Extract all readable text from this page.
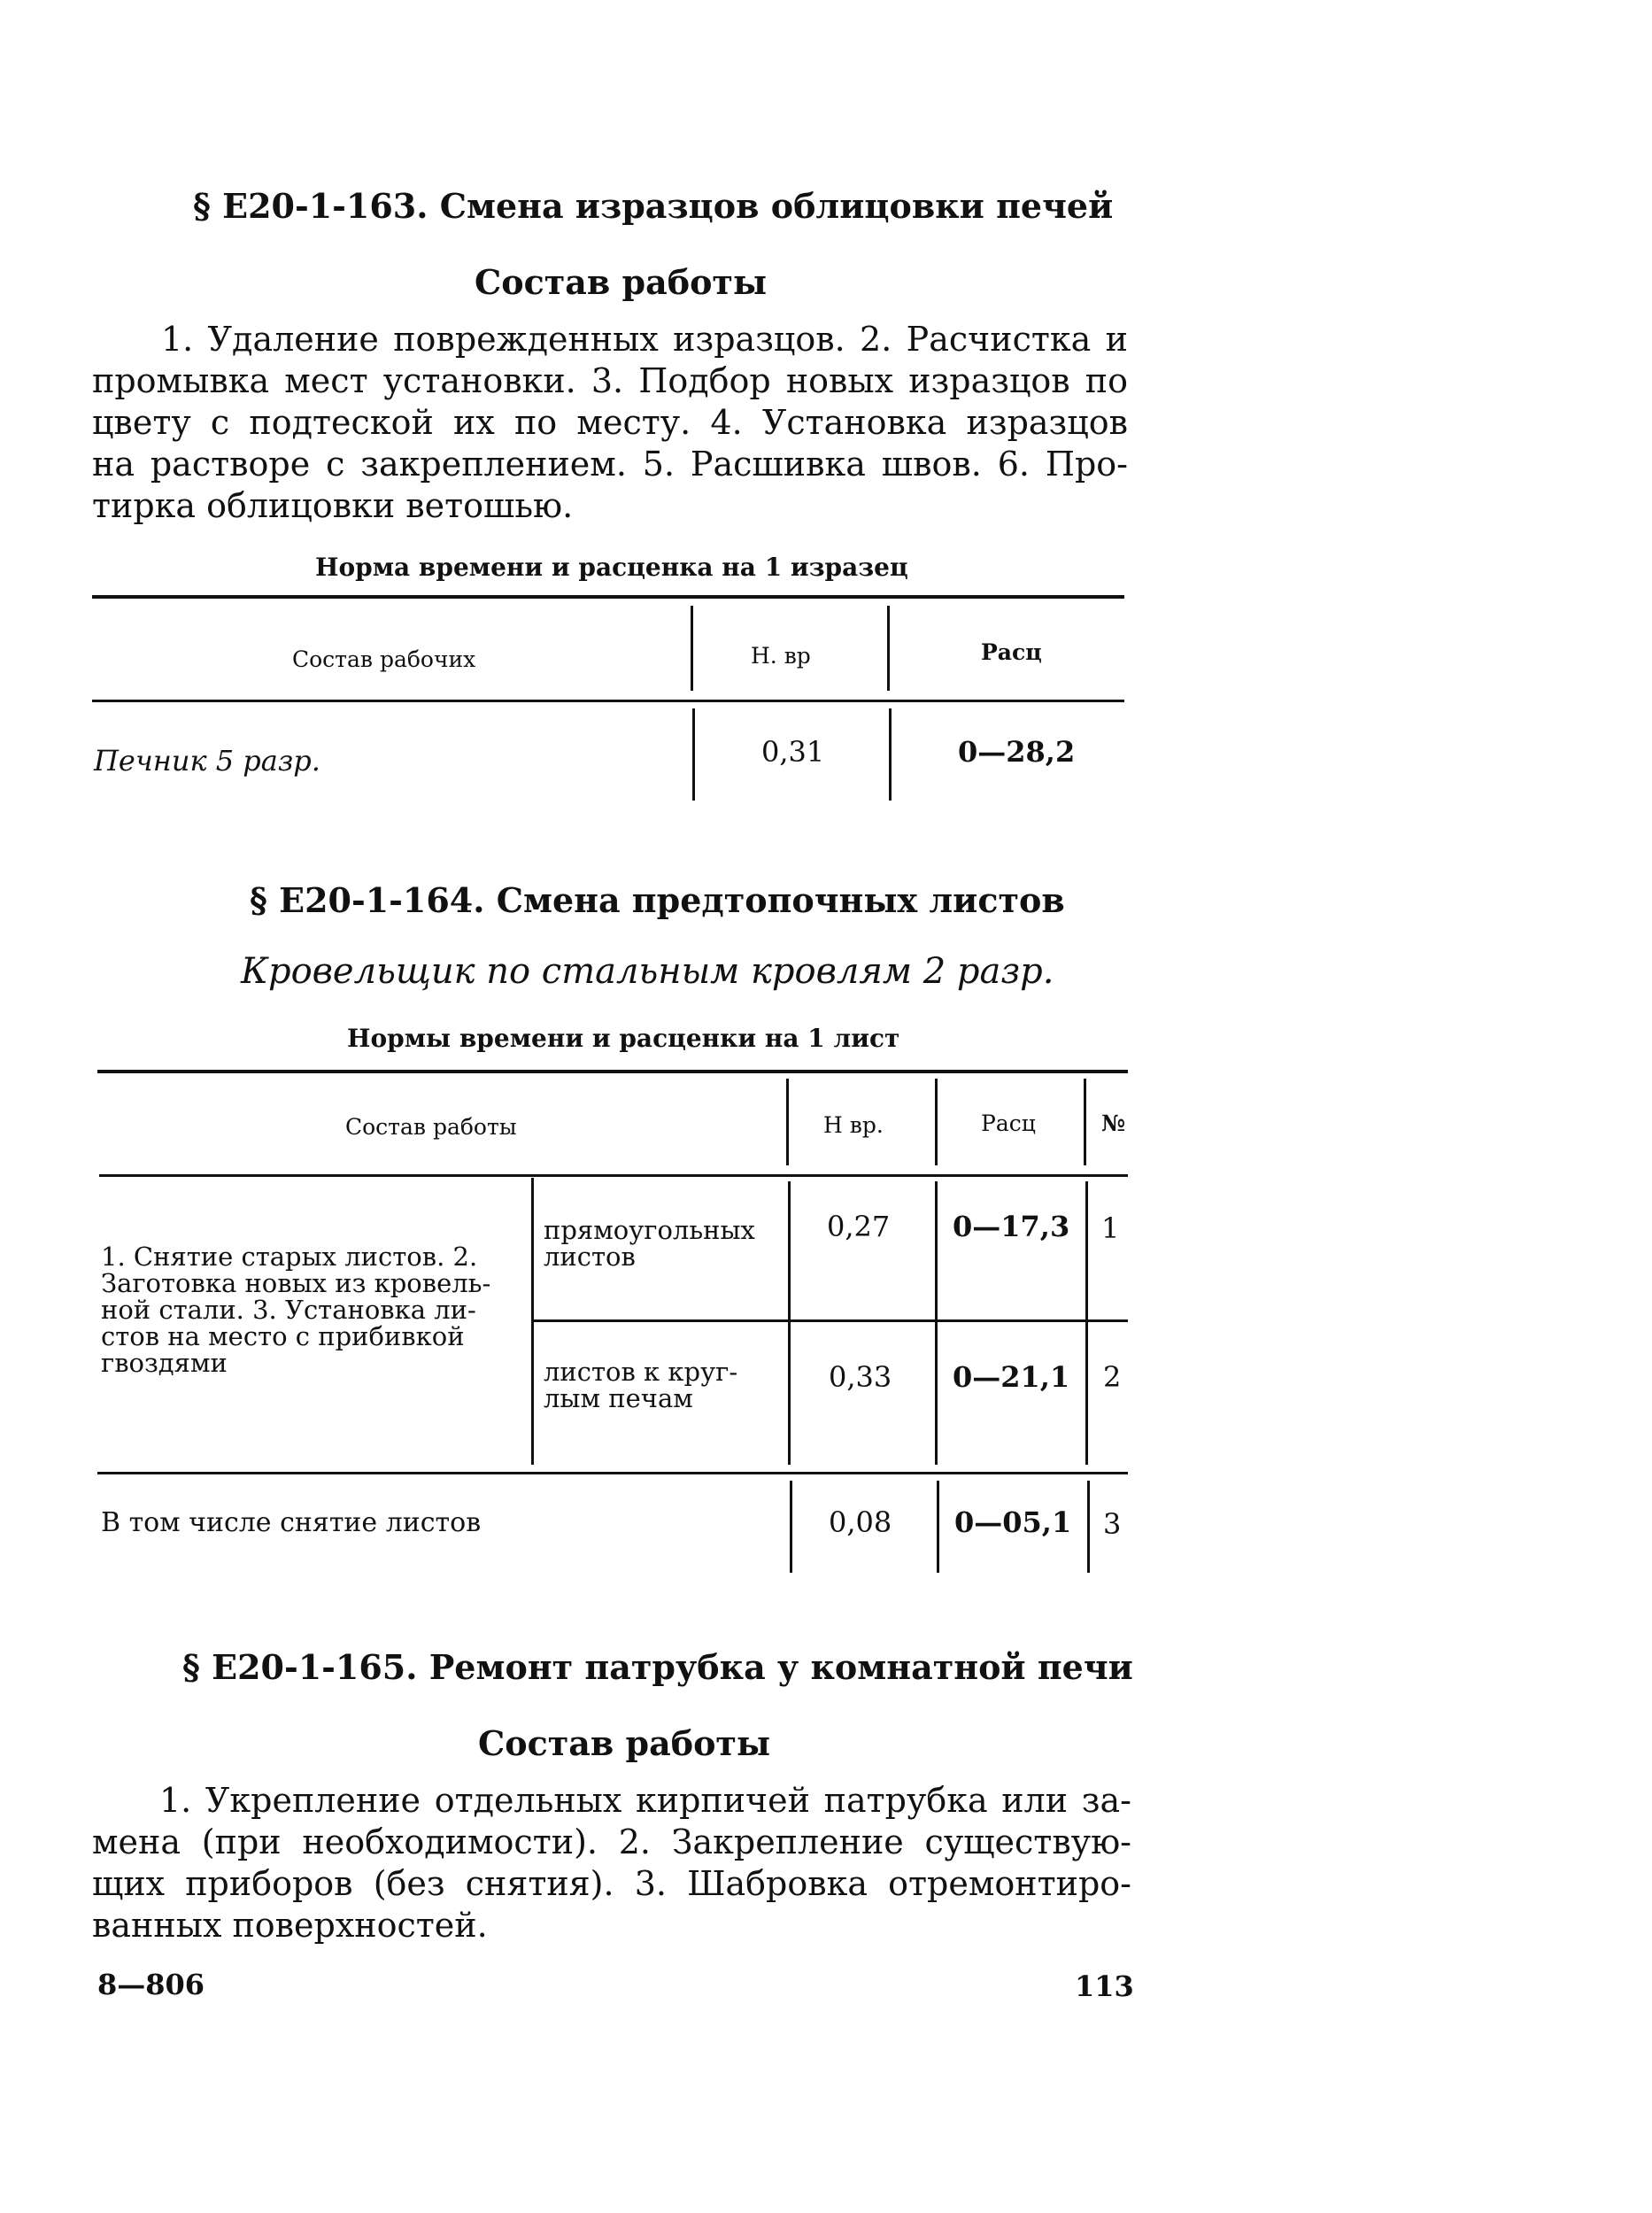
§ E20-1-163. Смена изразцов облицовки печей
Состав работы
1. Удаление поврежденных изразцов. 2. Расчистка и
промывка мест установки. 3. Подбор новых изразцов по
цвету с подтеской их по месту. 4. Установка изразцов
на растворе с закреплением. 5. Расшивка швов. 6. Про-
тирка облицовки ветошью.
Норма времени и расценка на 1 изразец
Состав рабочих	Н. вр	Расц
Печник 5 разр.	0,31	0—28,2
§ E20-1-164. Смена предтопочных листов
Кровельщик по стальным кровлям 2 разр.
Нормы времени и расценки на 1 лист
Состав работы	Н вр.	Расц	№
1. Снятие старых листов. 2.
Заготовка новых из кровель-
ной стали. 3. Установка ли-
стов на место с прибивкой
гвоздями
прямоугольных
листов
0,27 0—17,3 1
листов к круг-
лым печам
0,33 0—21,1 2
В том числе снятие листов	0,08 0—05,1 3
§ E20-1-165. Ремонт патрубка у комнатной печи
Состав работы
1. Укрепление отдельных кирпичей патрубка или за-
мена (при необходимости). 2. Закрепление существую-
щих приборов (без снятия). 3. Шабровка отремонтиро-
ванных поверхностей.
8—806	113
